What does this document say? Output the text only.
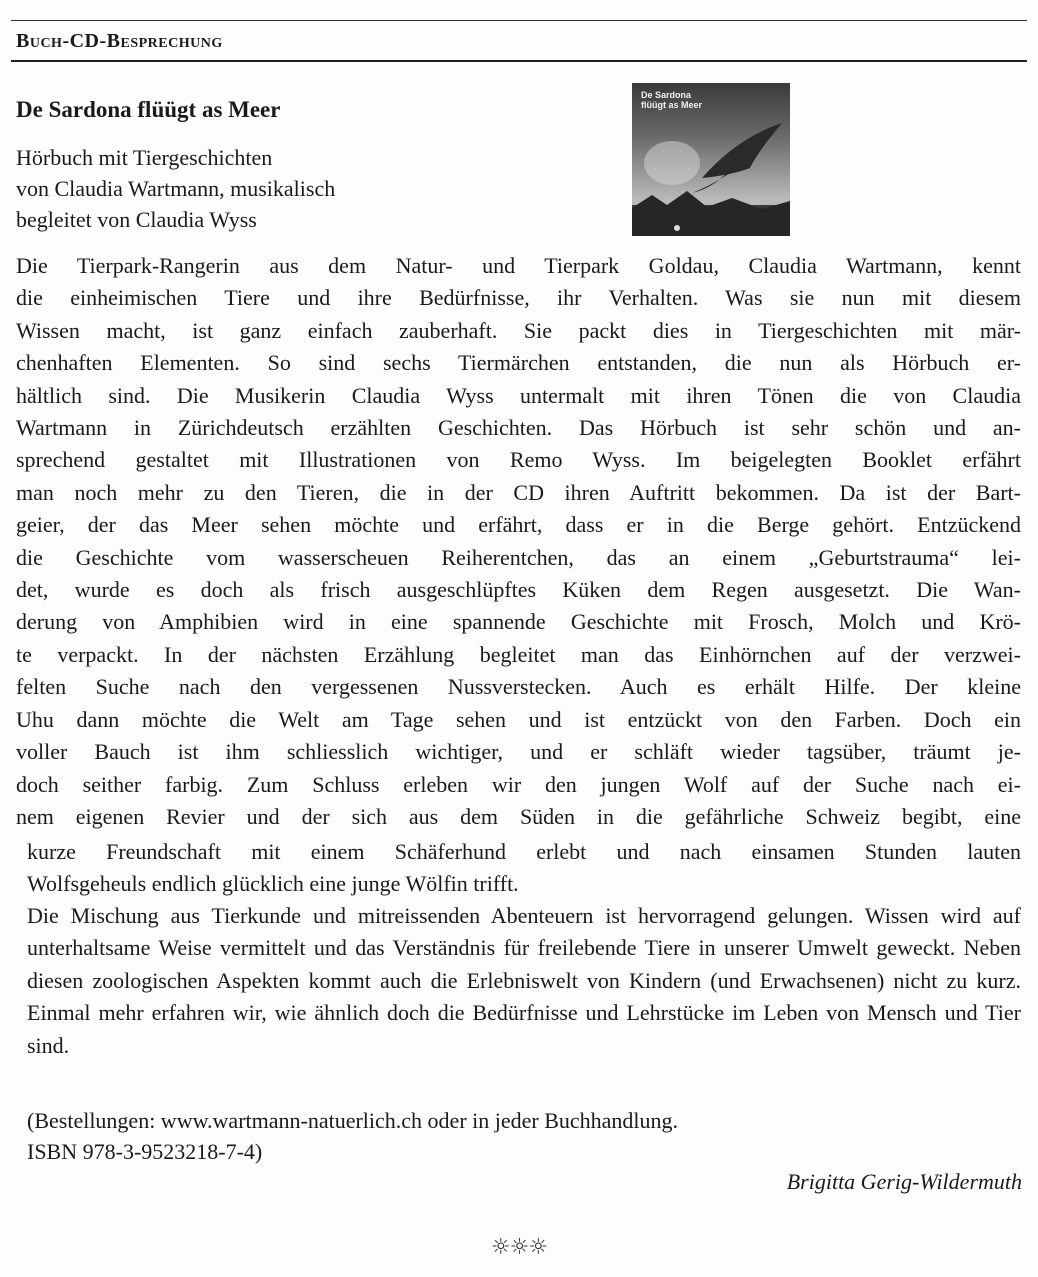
Buch-CD-Besprechung
De Sardona flüügt as Meer
Hörbuch mit Tiergeschichten
von Claudia Wartmann, musikalisch
begleitet von Claudia Wyss
De Sardona
flüügt as Meer
Die Tierpark-Rangerin aus dem Natur- und Tierpark Goldau, Claudia Wartmann, kennt
die einheimischen Tiere und ihre Bedürfnisse, ihr Verhalten. Was sie nun mit diesem
Wissen macht, ist ganz einfach zauberhaft. Sie packt dies in Tiergeschichten mit mär-
chenhaften Elementen. So sind sechs Tiermärchen entstanden, die nun als Hörbuch er-
hältlich sind. Die Musikerin Claudia Wyss untermalt mit ihren Tönen die von Claudia
Wartmann in Zürichdeutsch erzählten Geschichten. Das Hörbuch ist sehr schön und an-
sprechend gestaltet mit Illustrationen von Remo Wyss. Im beigelegten Booklet erfährt
man noch mehr zu den Tieren, die in der CD ihren Auftritt bekommen. Da ist der Bart-
geier, der das Meer sehen möchte und erfährt, dass er in die Berge gehört. Entzückend
die Geschichte vom wasserscheuen Reiherentchen, das an einem „Geburtstrauma“ lei-
det, wurde es doch als frisch ausgeschlüpftes Küken dem Regen ausgesetzt. Die Wan-
derung von Amphibien wird in eine spannende Geschichte mit Frosch, Molch und Krö-
te verpackt. In der nächsten Erzählung begleitet man das Einhörnchen auf der verzwei-
felten Suche nach den vergessenen Nussverstecken. Auch es erhält Hilfe. Der kleine
Uhu dann möchte die Welt am Tage sehen und ist entzückt von den Farben. Doch ein
voller Bauch ist ihm schliesslich wichtiger, und er schläft wieder tagsüber, träumt je-
doch seither farbig. Zum Schluss erleben wir den jungen Wolf auf der Suche nach ei-
nem eigenen Revier und der sich aus dem Süden in die gefährliche Schweiz begibt, eine
kurze Freundschaft mit einem Schäferhund erlebt und nach einsamen Stunden lauten
Wolfsgeheuls endlich glücklich eine junge Wölfin trifft.
Die Mischung aus Tierkunde und mitreissenden Abenteuern ist hervorragend gelungen. Wissen wird auf unterhaltsame Weise vermittelt und das Verständnis für freilebende Tiere in unserer Umwelt geweckt. Neben diesen zoologischen Aspekten kommt auch die Erlebniswelt von Kindern (und Erwachsenen) nicht zu kurz. Einmal mehr erfahren wir, wie ähnlich doch die Bedürfnisse und Lehrstücke im Leben von Mensch und Tier sind.
(Bestellungen: www.wartmann-natuerlich.ch oder in jeder Buchhandlung.
ISBN 978-3-9523218-7-4)
Brigitta Gerig-Wildermuth
☼☼☼
